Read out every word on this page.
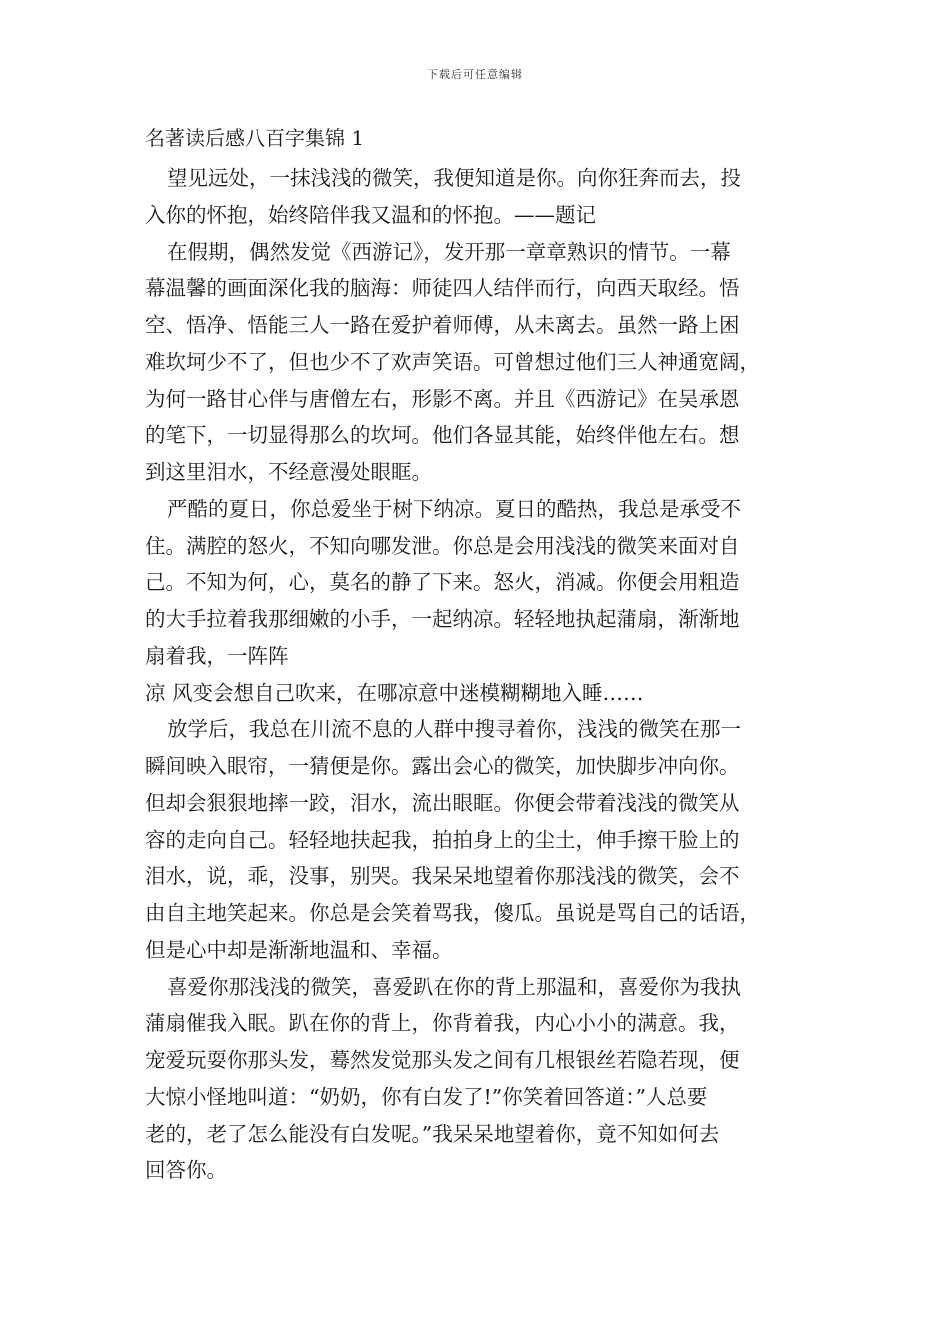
下载后可任意编辑
名著读后感八百字集锦 1
望见远处，一抹浅浅的微笑，我便知道是你。向你狂奔而去，投
入你的怀抱，始终陪伴我又温和的怀抱。——题记
在假期，偶然发觉《西游记》，发开那一章章熟识的情节。一幕
幕温馨的画面深化我的脑海：师徒四人结伴而行，向西天取经。悟
空、悟净、悟能三人一路在爱护着师傅，从未离去。虽然一路上困
难坎坷少不了，但也少不了欢声笑语。可曾想过他们三人神通宽阔，
为何一路甘心伴与唐僧左右，形影不离。并且《西游记》在吴承恩
的笔下，一切显得那么的坎坷。他们各显其能，始终伴他左右。想
到这里泪水，不经意漫处眼眶。
严酷的夏日，你总爱坐于树下纳凉。夏日的酷热，我总是承受不
住。满腔的怒火，不知向哪发泄。你总是会用浅浅的微笑来面对自
己。不知为何，心，莫名的静了下来。怒火，消减。你便会用粗造
的大手拉着我那细嫩的小手，一起纳凉。轻轻地执起蒲扇，渐渐地
扇着我，一阵阵
凉 风变会想自己吹来，在哪凉意中迷模糊糊地入睡……
放学后，我总在川流不息的人群中搜寻着你，浅浅的微笑在那一
瞬间映入眼帘，一猜便是你。露出会心的微笑，加快脚步冲向你。
但却会狠狠地摔一跤，泪水，流出眼眶。你便会带着浅浅的微笑从
容的走向自己。轻轻地扶起我，拍拍身上的尘土，伸手擦干脸上的
泪水，说，乖，没事，别哭。我呆呆地望着你那浅浅的微笑，会不
由自主地笑起来。你总是会笑着骂我，傻瓜。虽说是骂自己的话语，
但是心中却是渐渐地温和、幸福。
喜爱你那浅浅的微笑，喜爱趴在你的背上那温和，喜爱你为我执
蒲扇催我入眠。趴在你的背上，你背着我，内心小小的满意。我，
宠爱玩耍你那头发，蓦然发觉那头发之间有几根银丝若隐若现，便
大惊小怪地叫道：“奶奶，你有白发了!”你笑着回答道：”人总要
老的，老了怎么能没有白发呢。”我呆呆地望着你，竟不知如何去
回答你。
